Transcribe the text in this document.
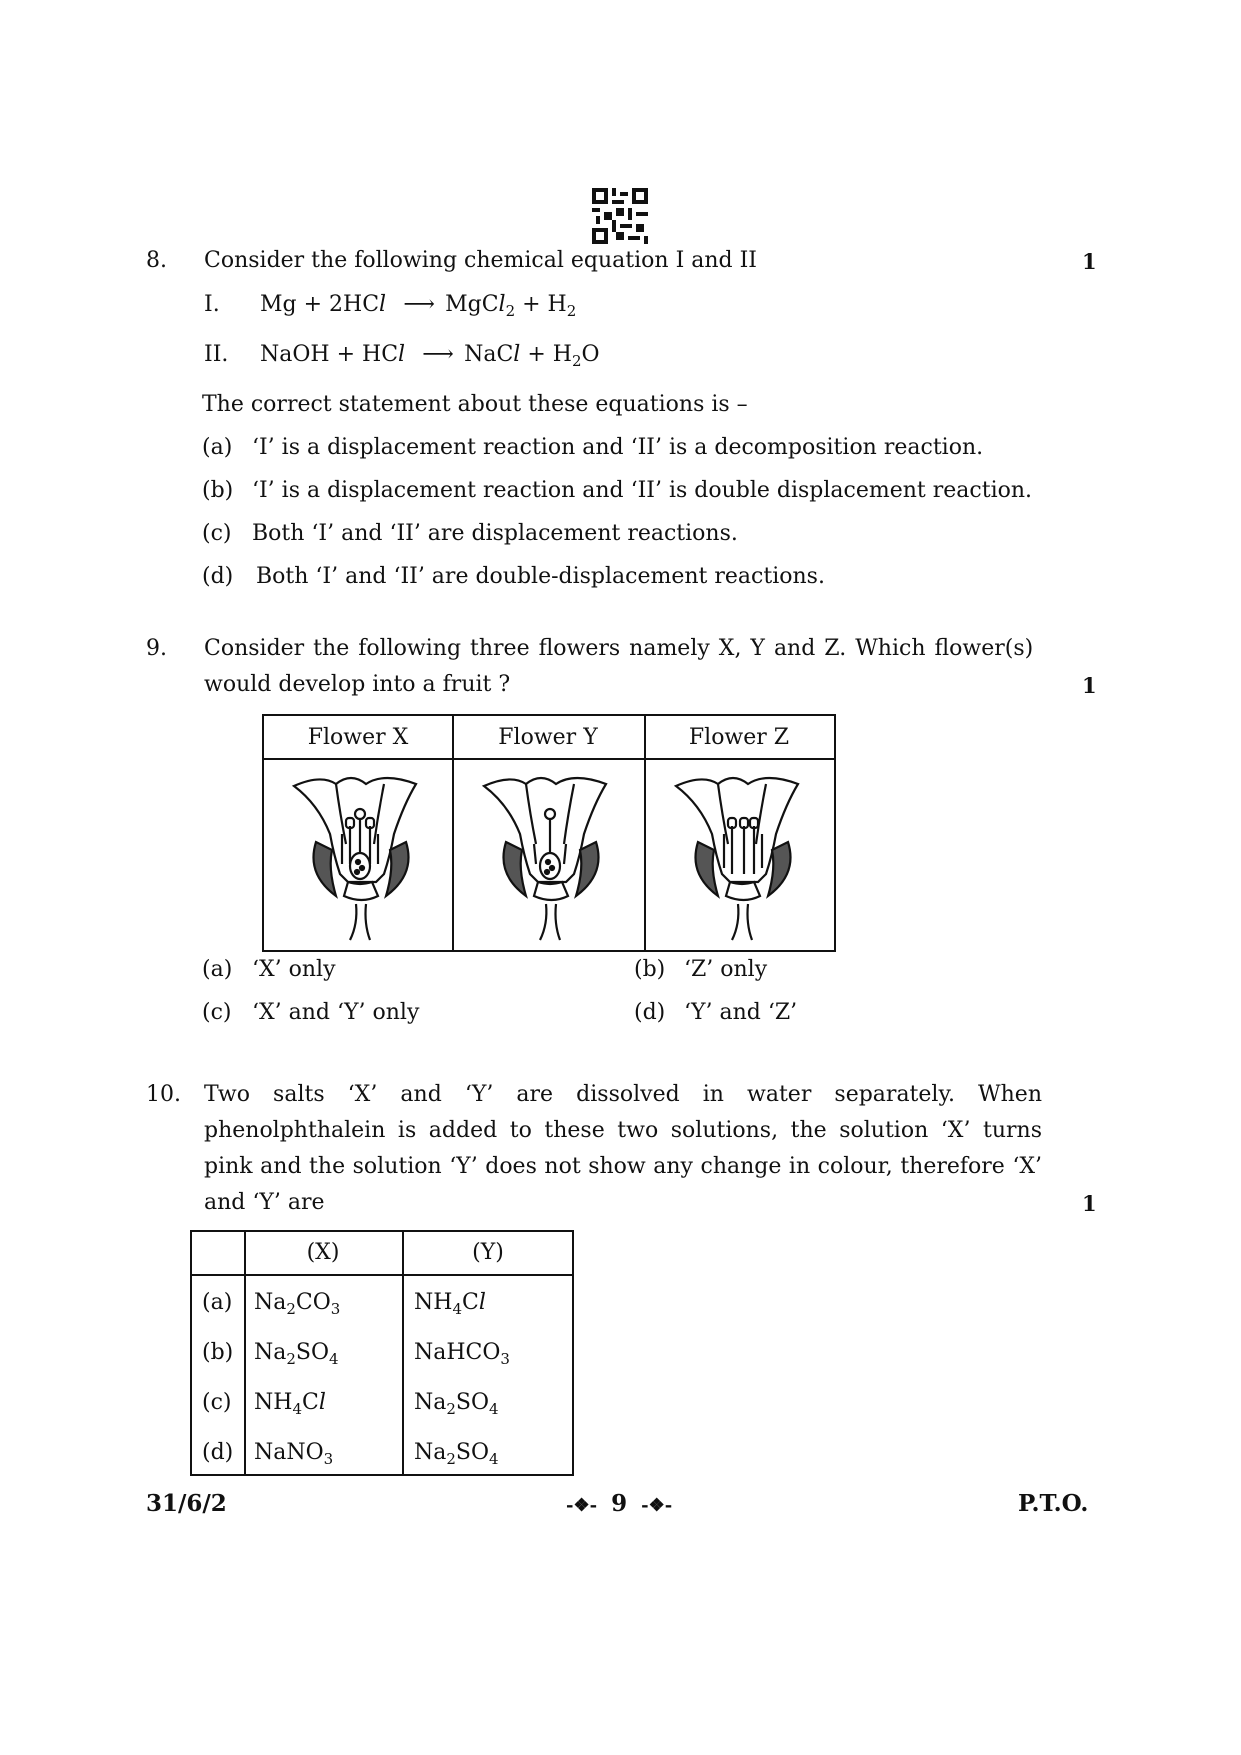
8. Consider the following chemical equation I and II	1
I. Mg + 2HCl ⟶ MgCl$_2$ + $H_2$
II. NaOH + HCl ⟶ NaCl + $H_2O$
The correct statement about these equations is –
(a) ‘I’ is a displacement reaction and ‘II’ is a decomposition reaction.
(b) ‘I’ is a displacement reaction and ‘II’ is double displacement reaction.
(c) Both ‘I’ and ‘II’ are displacement reactions.
(d) Both ‘I’ and ‘II’ are double-displacement reactions.
9. Consider the following three flowers namely X, Y and Z. Which flower(s)
would develop into a fruit ?	1
Flower X	Flower Y	Flower Z
(a) ‘X’ only	(b) ‘Z’ only
(c) ‘X’ and ‘Y’ only	(d) ‘Y’ and ‘Z’
10. Two salts ‘X’ and ‘Y’ are dissolved in water separately. When
phenolphthalein is added to these two solutions, the solution ‘X’ turns
pink and the solution ‘Y’ does not show any change in colour, therefore ‘X’
and ‘Y’ are	1
(X)	(Y)
(a) $Na_2CO_3$	$NH_4Cl$
(b) $Na_2SO_4$	NaHCO$_3$
(c) $NH_4Cl$	$Na_2SO_4$
(d) NaNO$_3$	$Na_2SO_4$
31/6/2	-❖- 9 -❖-	P.T.O.
